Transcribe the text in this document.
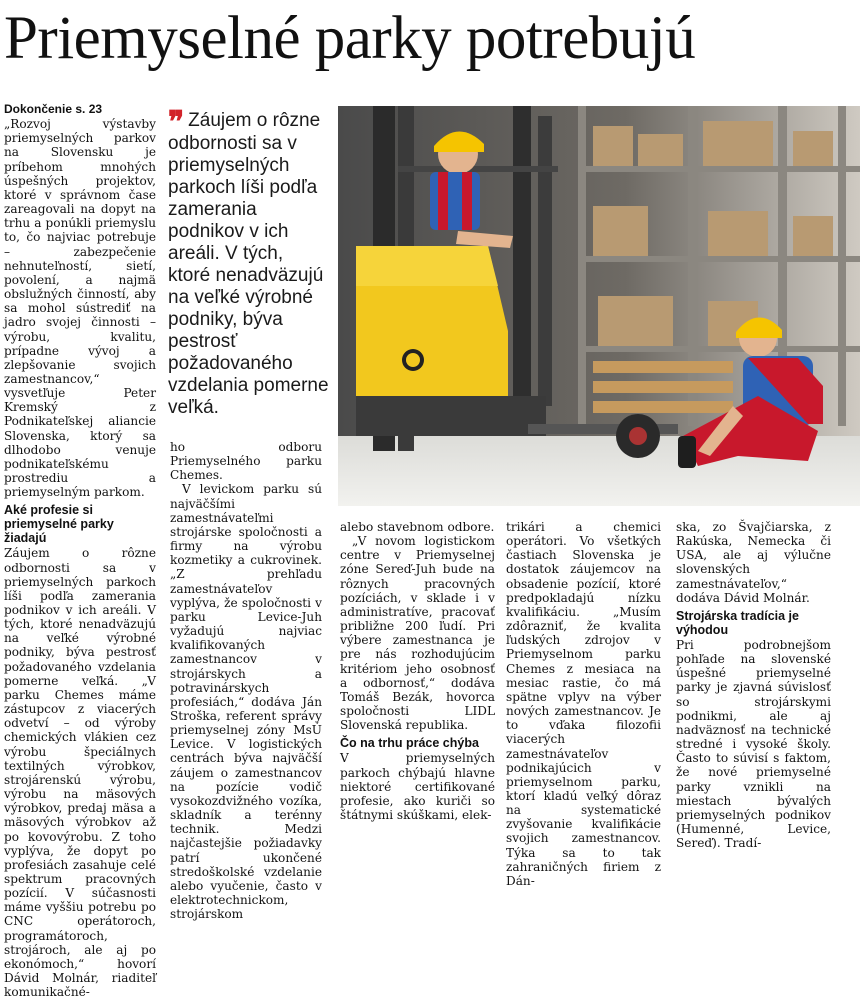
Priemyselné parky potrebujú
Dokončenie s. 23

„Rozvoj výstavby priemyselných parkov na Slovensku je príbehom mnohých úspešných projektov, ktoré v správnom čase zareagovali na dopyt na trhu a ponúkli priemyslu to, čo najviac potrebuje – zabezpečenie nehnuteľností, sietí, povolení, a najmä obslužných činností, aby sa mohol sústrediť na jadro svojej činnosti – výrobu, kvalitu, prípadne vývoj a zlepšovanie svojich zamestnancov,“ vysvetľuje Peter Kremský z Podnikateľskej aliancie Slovenska, ktorý sa dlhodobo venuje podnikateľskému prostrediu a priemyselným parkom.

Aké profesie si priemyselné parky žiadajú

Záujem o rôzne odbornosti sa v priemyselných parkoch líši podľa zamerania podnikov v ich areáli. V tých, ktoré nenadväzujú na veľké výrobné podniky, býva pestrosť požadovaného vzdelania pomerne veľká. „V parku Chemes máme zástupcov z viacerých odvetví – od výroby chemických vlákien cez výrobu špeciálnych textilných výrobkov, strojárenskú výrobu, výrobu na mäsových výrobkov, predaj mäsa a mäsových výrobkov až po kovovýrobu. Z toho vyplýva, že dopyt po profesiách zasahuje celé spektrum pracovných pozícií. V súčasnosti máme vyššiu potrebu po CNC operátoroch, programátoroch, strojároch, ale aj po ekonómoch,“ hovorí Dávid Molnár, riaditeľ komunikačné-

❞ Záujem o rôzne odbornosti sa v priemyselných parkoch líši podľa zamerania podnikov v ich areáli. V tých, ktoré nenadväzujú na veľké výrobné podniky, býva pestrosť požadovaného vzdelania pomerne veľká.

ho odboru Priemyselného parku Chemes.

V levickom parku sú najväčšími zamestnávateľmi strojárske spoločnosti a firmy na výrobu kozmetiky a cukrovinek. „Z prehľadu zamestnávateľov vyplýva, že spoločnosti v parku Levice-Juh vyžadujú najviac kvalifikovaných zamestnancov v strojárskych a potravinárskych profesiách,“ dodáva Ján Stroška, referent správy priemyselnej zóny MsÚ Levice. V logistických centrách býva najväčší záujem o zamestnancov na pozície vodič vysokozdvižného vozíka, skladník a terénny technik. Medzi najčastejšie požiadavky patrí ukončené stredoškolské vzdelanie alebo vyučenie, často v elektrotechnickom, strojárskom

alebo stavebnom odbore.

„V novom logistickom centre v Priemyselnej zóne Sereď-Juh bude na rôznych pracovných pozíciách, v sklade i v administratíve, pracovať približne 200 ľudí. Pri výbere zamestnanca je pre nás rozhodujúcim kritériom jeho osobnosť a odbornosť,“ dodáva Tomáš Bezák, hovorca spoločnosti LIDL Slovenská republika.

Čo na trhu práce chýba

V priemyselných parkoch chýbajú hlavne niektoré certifikované profesie, ako kuriči so štátnymi skúškami, elek-

trikári a chemici operátori. Vo všetkých častiach Slovenska je dostatok záujemcov na obsadenie pozícií, ktoré predpokladajú nízku kvalifikáciu. „Musím zdôrazniť, že kvalita ľudských zdrojov v Priemyselnom parku Chemes z mesiaca na mesiac rastie, čo má spätne vplyv na výber nových zamestnancov. Je to vďaka filozofii viacerých zamestnávateľov podnikajúcich v priemyselnom parku, ktorí kladú veľký dôraz na systematické zvyšovanie kvalifikácie svojich zamestnancov. Týka sa to tak zahraničných firiem z Dán-

ska, zo Švajčiarska, z Rakúska, Nemecka či USA, ale aj výlučne slovenských zamestnávateľov,“ dodáva Dávid Molnár.

Strojárska tradícia je výhodou

Pri podrobnejšom pohľade na slovenské úspešné priemyselné parky je zjavná súvislosť so strojárskymi podnikmi, ale aj nadväznosť na technické stredné i vysoké školy. Často to súvisí s faktom, že nové priemyselné parky vznikli na miestach bývalých priemyselných podnikov (Humenné, Levice, Sereď). Tradí-
